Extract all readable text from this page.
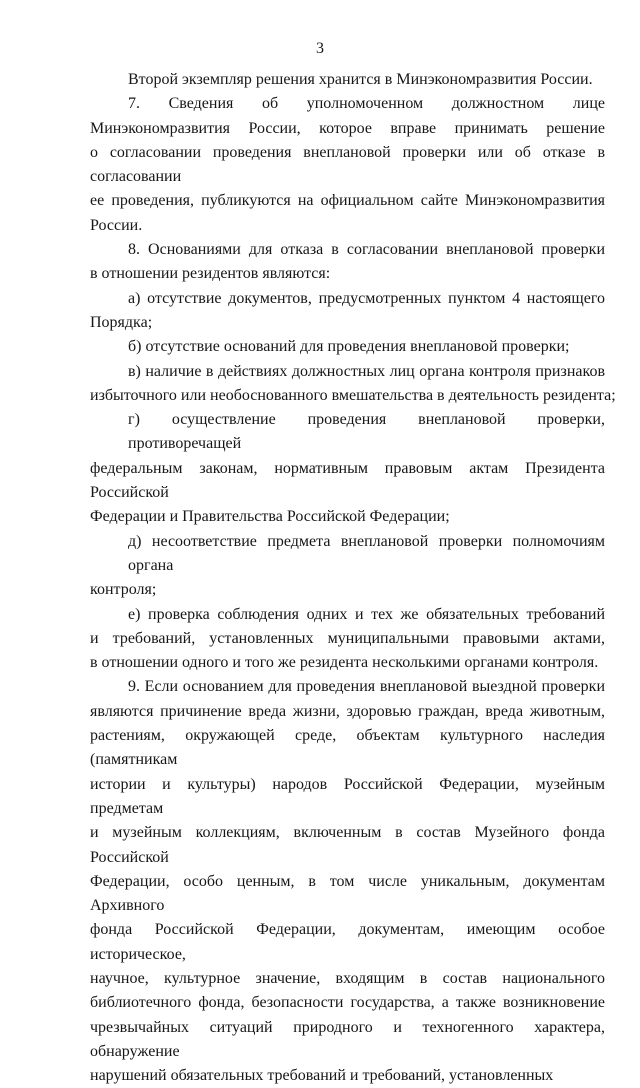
3
Второй экземпляр решения хранится в Минэкономразвития России.
7. Сведения об уполномоченном должностном лице
Минэкономразвития России, которое вправе принимать решение
о согласовании проведения внеплановой проверки или об отказе в согласовании
ее проведения, публикуются на официальном сайте Минэкономразвития
России.
8. Основаниями для отказа в согласовании внеплановой проверки
в отношении резидентов являются:
а) отсутствие документов, предусмотренных пунктом 4 настоящего
Порядка;
б) отсутствие оснований для проведения внеплановой проверки;
в) наличие в действиях должностных лиц органа контроля признаков
избыточного или необоснованного вмешательства в деятельность резидента;
г) осуществление проведения внеплановой проверки, противоречащей
федеральным законам, нормативным правовым актам Президента Российской
Федерации и Правительства Российской Федерации;
д) несоответствие предмета внеплановой проверки полномочиям органа
контроля;
е) проверка соблюдения одних и тех же обязательных требований
и требований, установленных муниципальными правовыми актами,
в отношении одного и того же резидента несколькими органами контроля.
9. Если основанием для проведения внеплановой выездной проверки
являются причинение вреда жизни, здоровью граждан, вреда животным,
растениям, окружающей среде, объектам культурного наследия (памятникам
истории и культуры) народов Российской Федерации, музейным предметам
и музейным коллекциям, включенным в состав Музейного фонда Российской
Федерации, особо ценным, в том числе уникальным, документам Архивного
фонда Российской Федерации, документам, имеющим особое историческое,
научное, культурное значение, входящим в состав национального
библиотечного фонда, безопасности государства, а также возникновение
чрезвычайных ситуаций природного и техногенного характера, обнаружение
нарушений обязательных требований и требований, установленных
